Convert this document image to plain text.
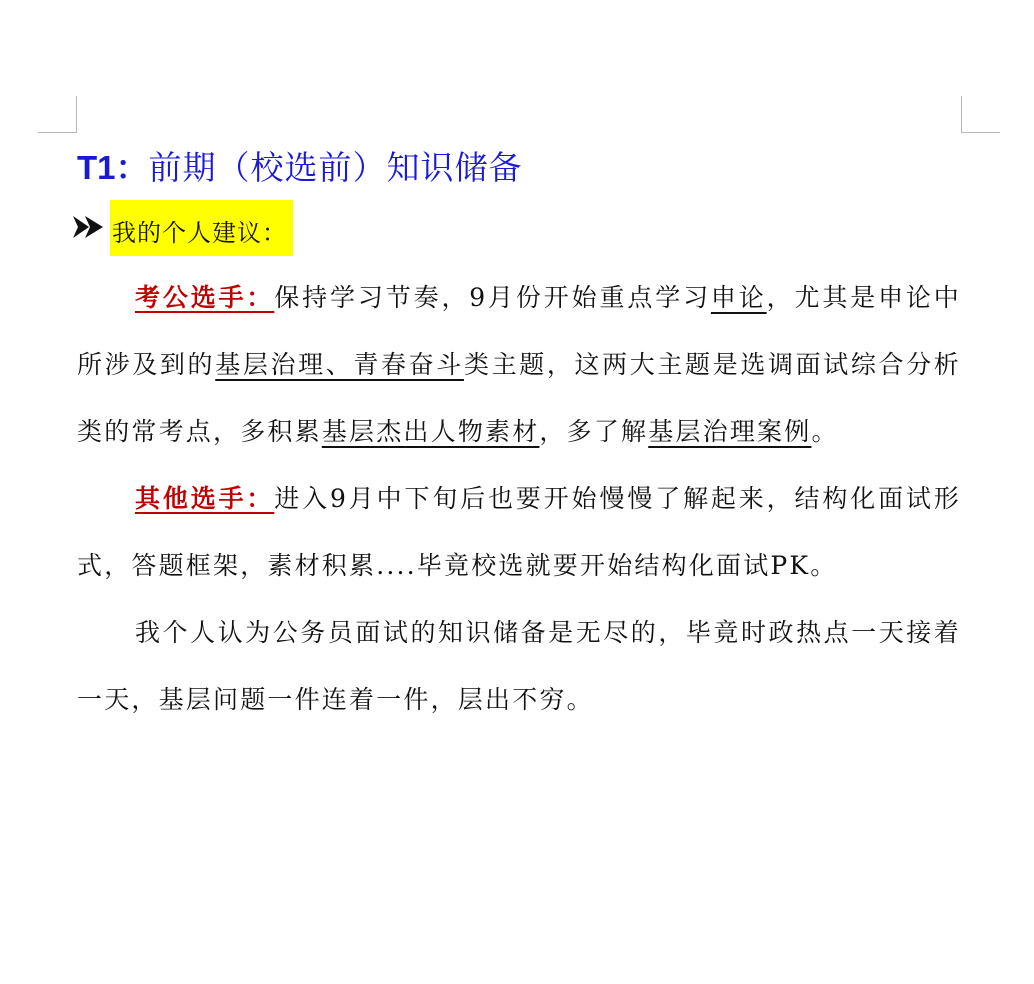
T1：前期（校选前）知识储备
我的个人建议：

考公选手：保持学习节奏，9月份开始重点学习申论，尤其是申论中所涉及到的基层治理、青春奋斗类主题，这两大主题是选调面试综合分析类的常考点，多积累基层杰出人物素材，多了解基层治理案例。

其他选手：进入9月中下旬后也要开始慢慢了解起来，结构化面试形式，答题框架，素材积累....毕竟校选就要开始结构化面试PK。

我个人认为公务员面试的知识储备是无尽的，毕竟时政热点一天接着一天，基层问题一件连着一件，层出不穷。
